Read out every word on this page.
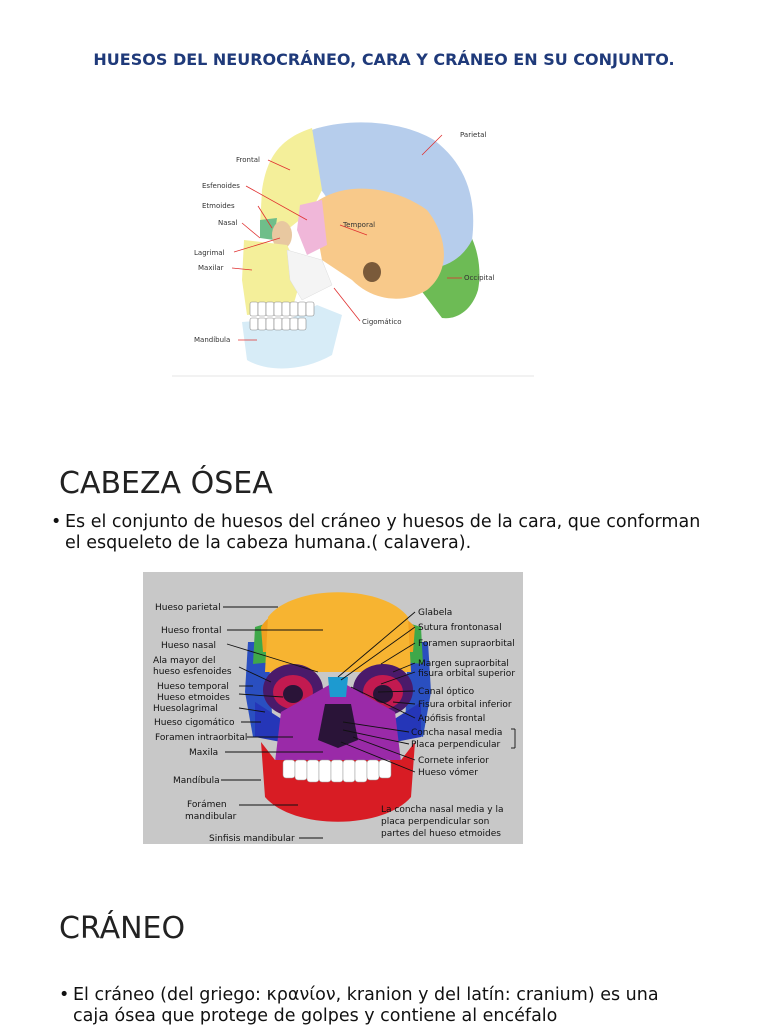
HUESOS DEL NEUROCRÁNEO, CARA Y CRÁNEO EN SU CONJUNTO.
Frontal
Parietal
Esfenoides
Etmoides
Nasal	Temporal
Lagrimal
Maxilar
Occipital
Cigomático
Mandíbula
CABEZA ÓSEA
• Es el conjunto de huesos del cráneo y huesos de la cara, que conforman el esqueleto de la cabeza humana.( calavera).
Hueso parietal
Hueso frontal
Hueso nasal
Ala mayor del
hueso esfenoides
Hueso temporal
Hueso etmoides
Huesolagrimal
Hueso cigomático
Foramen intraorbital
Maxila
Mandíbula
Forámen
mandibular
Sinfisis mandibular
Glabela
Sutura frontonasal
Foramen supraorbital
Margen supraorbital
fisura orbital superior
Canal óptico
Fisura orbital inferior
Apófisis frontal
Concha nasal media
Placa perpendicular
Cornete inferior
Hueso vómer
La concha nasal media y la
placa perpendicular son
partes del hueso etmoides
CRÁNEO
• El cráneo (del griego: κρανίον, kranion y del latín: cranium) es una
caja ósea que protege de golpes y contiene al encéfalo
